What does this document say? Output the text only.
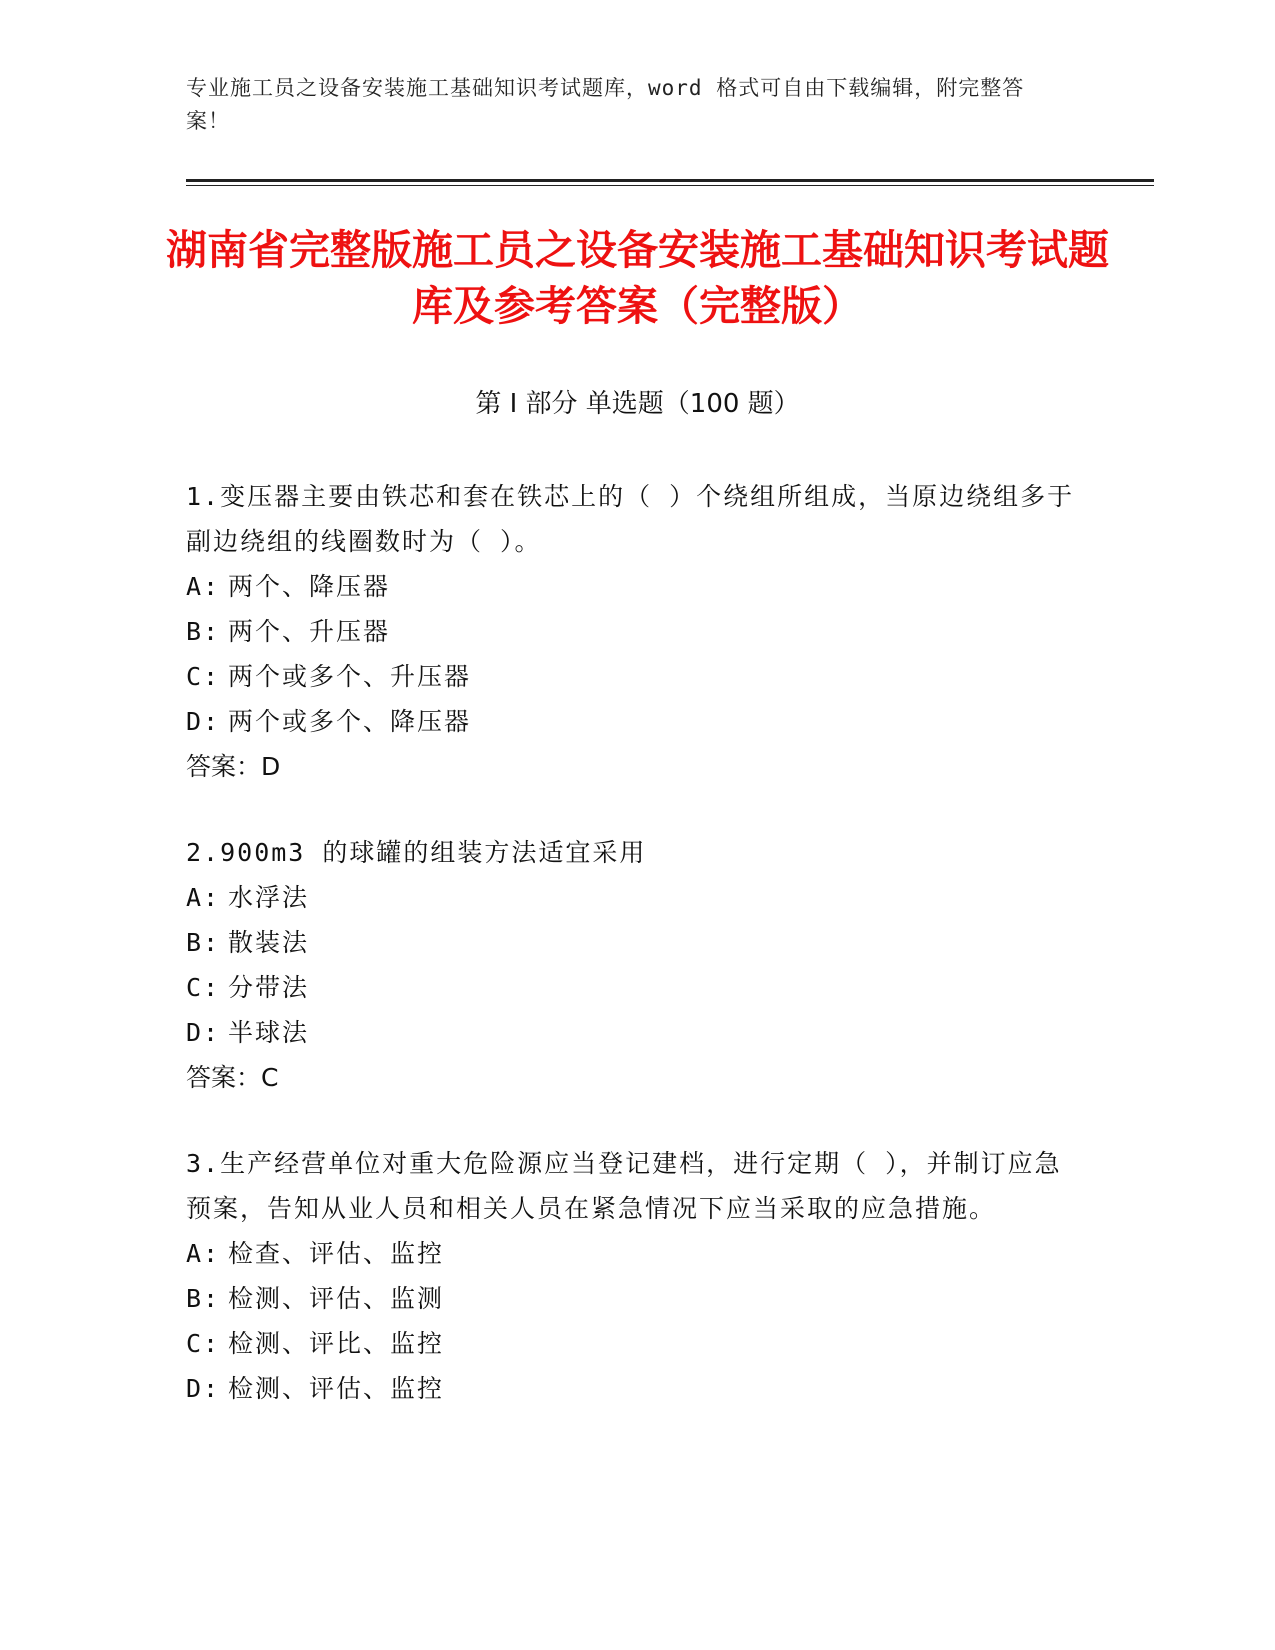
专业施工员之设备安装施工基础知识考试题库，word 格式可自由下载编辑，附完整答案！
湖南省完整版施工员之设备安装施工基础知识考试题库及参考答案（完整版）
第 I 部分 单选题（100 题）

1.变压器主要由铁芯和套在铁芯上的（ ）个绕组所组成，当原边绕组多于副边绕组的线圈数时为（ ）。

A: 两个、降压器

B: 两个、升压器

C: 两个或多个、升压器

D: 两个或多个、降压器

答案：D

2.900m3 的球罐的组装方法适宜采用

A: 水浮法

B: 散装法

C: 分带法

D: 半球法

答案：C

3.生产经营单位对重大危险源应当登记建档，进行定期（ ），并制订应急预案，告知从业人员和相关人员在紧急情况下应当采取的应急措施。

A: 检查、评估、监控

B: 检测、评估、监测

C: 检测、评比、监控

D: 检测、评估、监控
